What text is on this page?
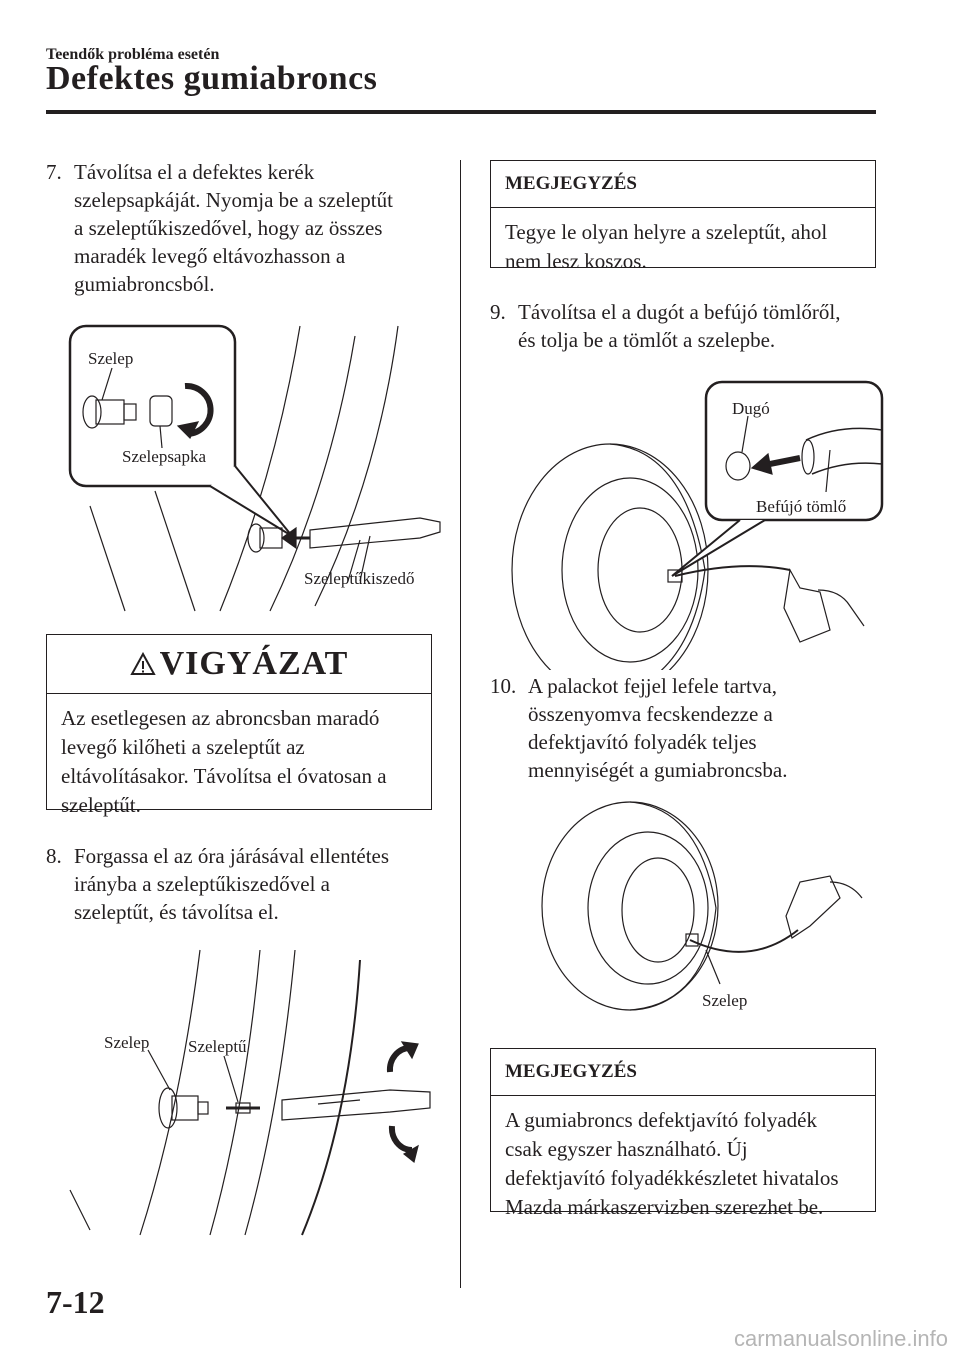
Teendők probléma esetén
Defektes gumiabroncs
7. Távolítsa el a defektes kerék
szelepsapkáját. Nyomja be a szeleptűt
a szeleptűkiszedővel, hogy az összes
maradék levegő eltávozhasson a
gumiabroncsból.
Szelep
Szelepsapka
Szeleptűkiszedő
VIGYÁZAT
Az esetlegesen az abroncsban maradó
levegő kilőheti a szeleptűt az
eltávolításakor. Távolítsa el óvatosan a
szeleptűt.
8. Forgassa el az óra járásával ellentétes
irányba a szeleptűkiszedővel a
szeleptűt, és távolítsa el.
Szelep Szeleptű
MEGJEGYZÉS
Tegye le olyan helyre a szeleptűt, ahol
nem lesz koszos.
9. Távolítsa el a dugót a befújó tömlőről,
és tolja be a tömlőt a szelepbe.
Dugó
Befújó tömlő
10. A palackot fejjel lefele tartva,
összenyomva fecskendezze a
defektjavító folyadék teljes
mennyiségét a gumiabroncsba.
Szelep
MEGJEGYZÉS
A gumiabroncs defektjavító folyadék
csak egyszer használható. Új
defektjavító folyadékkészletet hivatalos
Mazda márkaszervizben szerezhet be.
7-12
carmanualsonline.info
